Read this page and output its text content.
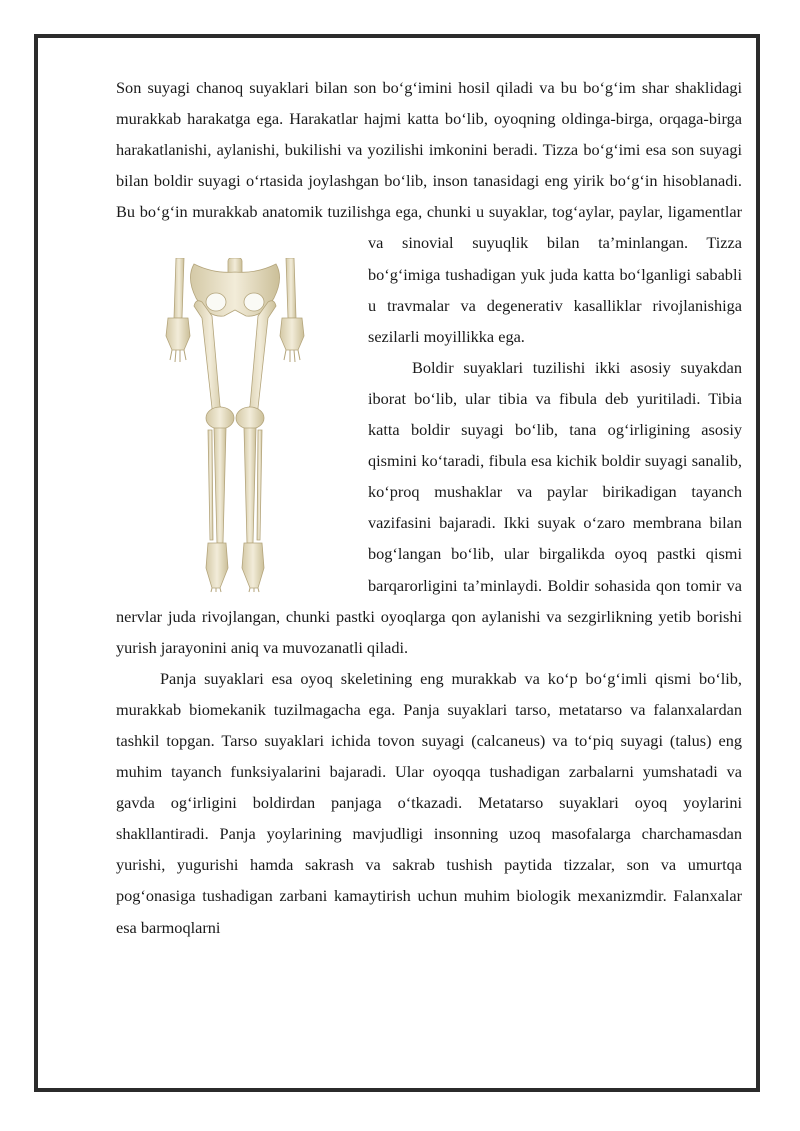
Son suyagi chanoq suyaklari bilan son bo‘g‘imini hosil qiladi va bu bo‘g‘im shar shaklidagi murakkab harakatga ega. Harakatlar hajmi katta bo‘lib, oyoqning oldinga-birga, orqaga-birga harakatlanishi, aylanishi, bukilishi va yozilishi imkonini beradi. Tizza bo‘g‘imi esa son suyagi bilan boldir suyagi o‘rtasida joylashgan bo‘lib, inson tanasidagi eng yirik bo‘g‘in hisoblanadi. Bu bo‘g‘in murakkab anatomik tuzilishga ega, chunki u suyaklar, tog‘aylar, paylar, ligamentlar va sinovial suyuqlik bilan ta’minlangan. Tizza bo‘g‘imiga tushadigan yuk juda katta bo‘lganligi sababli u travmalar va degenerativ kasalliklar rivojlanishiga sezilarli moyillikka ega.

Boldir suyaklari tuzilishi ikki asosiy suyakdan iborat bo‘lib, ular tibia va fibula deb yuritiladi. Tibia katta boldir suyagi bo‘lib, tana og‘irligining asosiy qismini ko‘taradi, fibula esa kichik boldir suyagi sanalib, ko‘proq mushaklar va paylar birikadigan tayanch vazifasini bajaradi. Ikki suyak o‘zaro membrana bilan bog‘langan bo‘lib, ular birgalikda oyoq pastki qismi barqarorligini ta’minlaydi. Boldir sohasida qon tomir va nervlar juda rivojlangan, chunki pastki oyoqlarga qon aylanishi va sezgirlikning yetib borishi yurish jarayonini aniq va muvozanatli qiladi.

Panja suyaklari esa oyoq skeletining eng murakkab va ko‘p bo‘g‘imli qismi bo‘lib, murakkab biomekanik tuzilmagacha ega. Panja suyaklari tarso, metatarso va falanxalardan tashkil topgan. Tarso suyaklari ichida tovon suyagi (calcaneus) va to‘piq suyagi (talus) eng muhim tayanch funksiyalarini bajaradi. Ular oyoqqa tushadigan zarbalarni yumshatadi va gavda og‘irligini boldirdan panjaga o‘tkazadi. Metatarso suyaklari oyoq yoylarini shakllantiradi. Panja yoylarining mavjudligi insonning uzoq masofalarga charchamasdan yurishi, yugurishi hamda sakrash va sakrab tushish paytida tizzalar, son va umurtqa pog‘onasiga tushadigan zarbani kamaytirish uchun muhim biologik mexanizmdir. Falanxalar esa barmoqlarni
